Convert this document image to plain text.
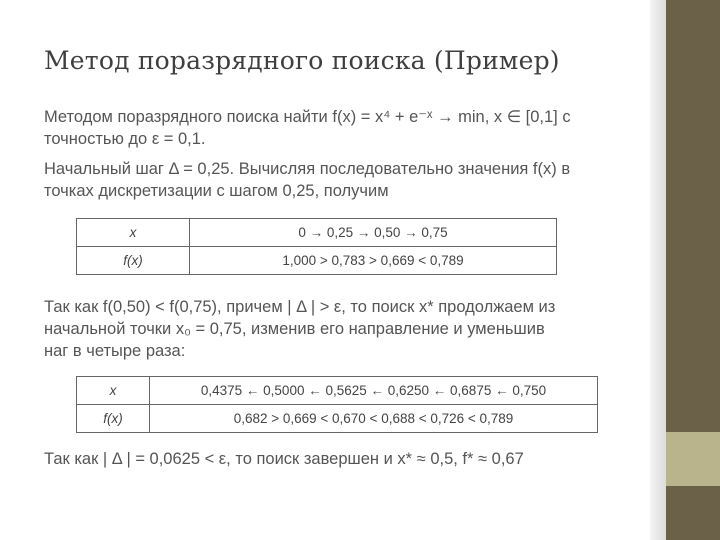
Метод поразрядного поиска (Пример)
Методом поразрядного поиска найти f(x) = x⁴ + e⁻ˣ → min, x ∈ [0,1] с
точностью до ε = 0,1.
Начальный шаг Δ = 0,25. Вычисляя последовательно значения f(x) в
точках дискретизации с шагом 0,25, получим
x	0 → 0,25 → 0,50 → 0,75
f(x)	1,000 > 0,783 > 0,669 < 0,789
Так как f(0,50) < f(0,75), причем | Δ | > ε, то поиск x* продолжаем из
начальной точки x₀ = 0,75, изменив его направление и уменьшив
наг в четыре раза:
x	0,4375 ← 0,5000 ← 0,5625 ← 0,6250 ← 0,6875 ← 0,750
f(x)	0,682 > 0,669 < 0,670 < 0,688 < 0,726 < 0,789
Так как | Δ | = 0,0625 < ε, то поиск завершен и x* ≈ 0,5, f* ≈ 0,67
